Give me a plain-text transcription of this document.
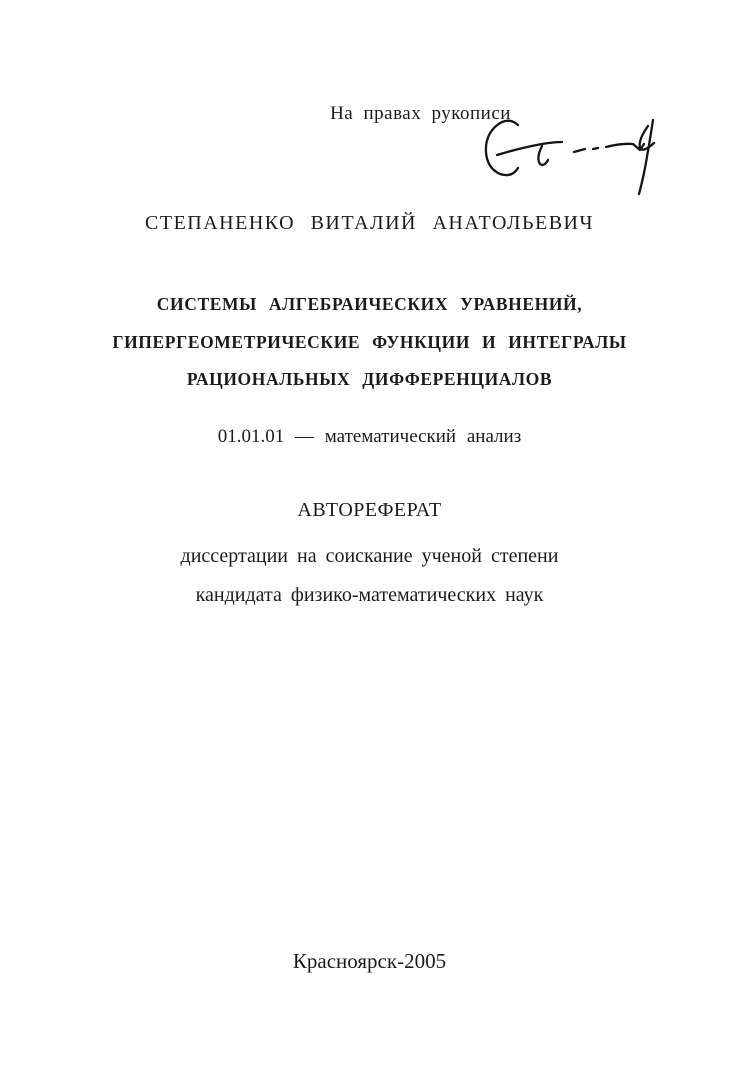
На правах рукописи
СТЕПАНЕНКО ВИТАЛИЙ АНАТОЛЬЕВИЧ
СИСТЕМЫ АЛГЕБРАИЧЕСКИХ УРАВНЕНИЙ,
ГИПЕРГЕОМЕТРИЧЕСКИЕ ФУНКЦИИ И ИНТЕГРАЛЫ
РАЦИОНАЛЬНЫХ ДИФФЕРЕНЦИАЛОВ
01.01.01 — математический анализ
АВТОРЕФЕРАТ
диссертации на соискание ученой степени
кандидата физико-математических наук
Красноярск-2005
